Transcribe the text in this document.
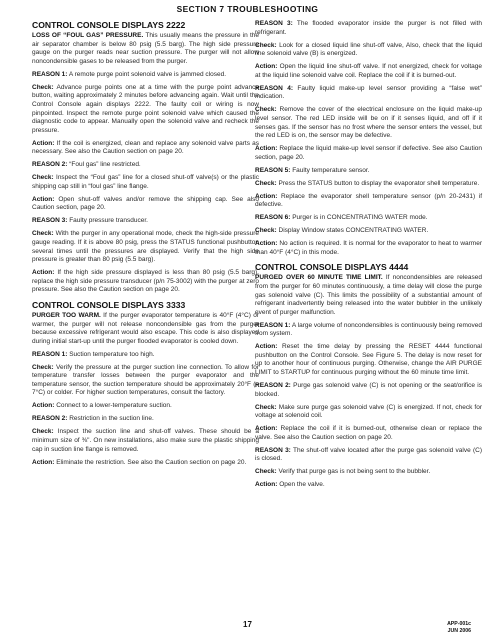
SECTION 7 TROUBLESHOOTING
CONTROL CONSOLE DISPLAYS 2222

LOSS OF “FOUL GAS” PRESSURE. This usually means the pressure in the air separator chamber is below 80 psig (5.5 barg). The high side pressure gauge on the purger reads near suction pressure. The purger will not allow noncondensible gases to be released from the purger.

REASON 1: A remote purge point solenoid valve is jammed closed.

Check: Advance purge points one at a time with the purge point advance button, waiting approximately 2 minutes before advancing again. Wait until the Control Console again displays 2222. The faulty coil or wiring is now pinpointed. Inspect the remote purge point solenoid valve which caused the diagnostic code to appear. Manually open the solenoid valve and recheck the pressure.

Action: If the coil is energized, clean and replace any solenoid valve parts as necessary. See also the Caution section on page 20.

REASON 2: “Foul gas” line restricted.

Check: Inspect the “Foul gas” line for a closed shut-off valve(s) or the plastic shipping cap still in “foul gas” line flange.

Action: Open shut-off valves and/or remove the shipping cap. See also Caution section, page 20.

REASON 3: Faulty pressure transducer.

Check: With the purger in any operational mode, check the high-side pressure gauge reading. If it is above 80 psig, press the STATUS functional pushbutton several times until the pressures are displayed. Verify that the high side pressure is greater than 80 psig (5.5 barg).

Action: If the high side pressure displayed is less than 80 psig (5.5 barg), replace the high side pressure transducer (p/n 75-3002) with the purger at zero pressure. See also the Caution section on page 20.

CONTROL CONSOLE DISPLAYS 3333

PURGER TOO WARM. If the purger evaporator temperature is 40°F (4°C) or warmer, the purger will not release noncondensible gas from the purger because excessive refrigerant would also escape. This code is also displayed during initial start-up until the purger flooded evaporator is cooled down.

REASON 1: Suction temperature too high.

Check: Verify the pressure at the purger suction line connection. To allow for temperature transfer losses between the purger evaporator and the temperature sensor, the suction temperature should be approximately 20°F (–7°C) or colder. For higher suction temperatures, consult the factory.

Action: Connect to a lower-temperature suction.

REASON 2: Restriction in the suction line.

Check: Inspect the suction line and shut-off valves. These should be a minimum size of ⅜". On new installations, also make sure the plastic shipping cap in suction line flange is removed.

Action: Eliminate the restriction. See also the Caution section on page 20.

REASON 3: The flooded evaporator inside the purger is not filled with refrigerant.

Check: Look for a closed liquid line shut-off valve, Also, check that the liquid line solenoid valve (B) is energized.

Action: Open the liquid line shut-off valve. If not energized, check for voltage at the liquid line solenoid valve coil. Replace the coil if it is burned-out.

REASON 4: Faulty liquid make-up level sensor providing a “false wet” indication.

Check: Remove the cover of the electrical enclosure on the liquid make-up level sensor. The red LED inside will be on if it senses liquid, and off if it senses gas. If the sensor has no frost where the sensor enters the vessel, but the red LED is on, the sensor may be defective.

Action: Replace the liquid make-up level sensor if defective. See also Caution section, page 20.

REASON 5: Faulty temperature sensor.

Check: Press the STATUS button to display the evaporator shell temperature.

Action: Replace the evaporator shell temperature sensor (p/n 20-2431) if defective.

REASON 6: Purger is in CONCENTRATING WATER mode.

Check: Display Window states CONCENTRATING WATER.

Action: No action is required. It is normal for the evaporator to heat to warmer than 40°F (4°C) in this mode.

CONTROL CONSOLE DISPLAYS 4444

PURGED OVER 60 MINUTE TIME LIMIT. If noncondensibles are released from the purger for 60 minutes continuously, a time delay will close the purge gas solenoid valve (C). This limits the possibility of a substantial amount of refrigerant inadvertently being released into the water bubbler in the unlikely event of purger malfunction.

REASON 1: A large volume of noncondensibles is continuously being removed from system.

Action: Reset the time delay by pressing the RESET 4444 functional pushbutton on the Control Console. See Figure 5. The delay is now reset for up to another hour of continuous purging. Otherwise, change the AIR PURGE LIMIT to STARTUP for continuous purging without the 60 minute time limit.

REASON 2: Purge gas solenoid valve (C) is not opening or the seat/orifice is blocked.

Check: Make sure purge gas solenoid valve (C) is energized. If not, check for voltage at solenoid coil.

Action: Replace the coil if it is burned-out, otherwise clean or replace the valve. See also the Caution section on page 20.

REASON 3: The shut-off valve located after the purge gas solenoid valve (C) is closed.

Check: Verify that purge gas is not being sent to the bubbler.

Action: Open the valve.

17	APP-001c
JUN 2006
